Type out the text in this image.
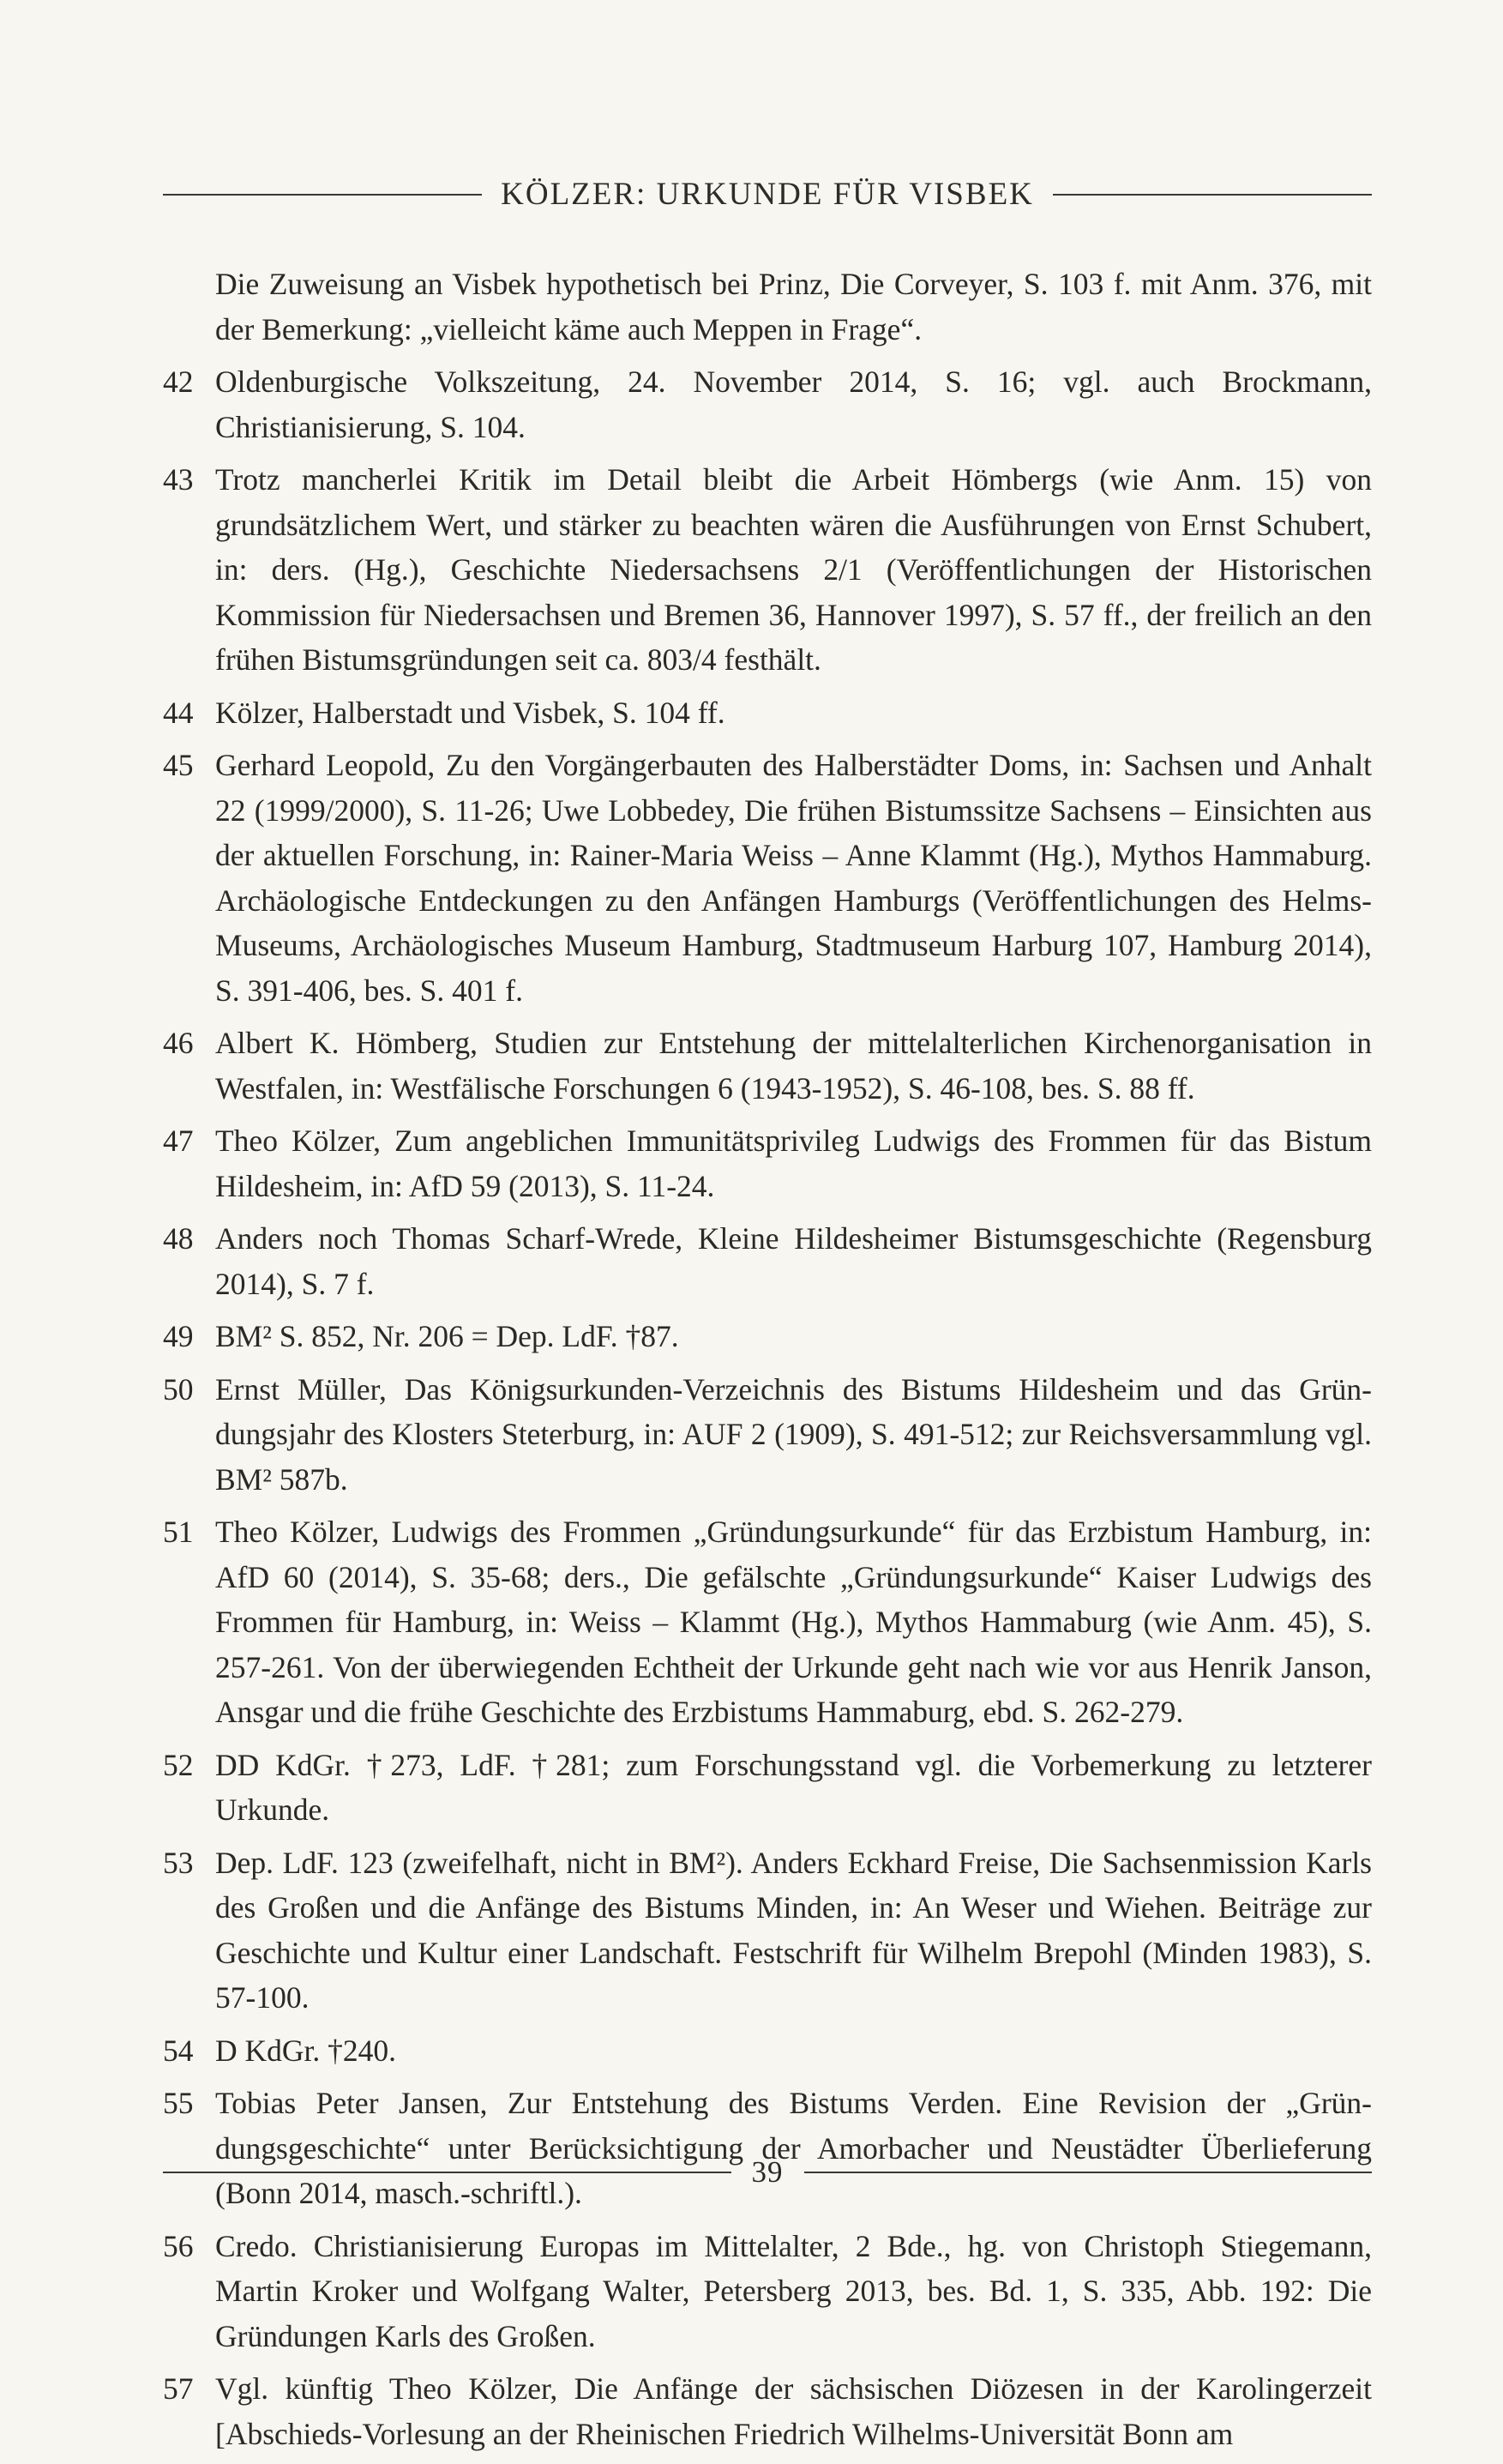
KÖLZER: URKUNDE FÜR VISBEK
Die Zuweisung an Visbek hypothetisch bei Prinz, Die Corveyer, S. 103 f. mit Anm. 376, mit der Bemerkung: „vielleicht käme auch Meppen in Frage“.
42 Oldenburgische Volkszeitung, 24. November 2014, S. 16; vgl. auch Brockmann, Christianisierung, S. 104.
43 Trotz mancherlei Kritik im Detail bleibt die Arbeit Hömbergs (wie Anm. 15) von grundsätzlichem Wert, und stärker zu beachten wären die Ausführungen von Ernst Schubert, in: ders. (Hg.), Geschichte Niedersachsens 2/1 (Veröffentlichungen der Historischen Kommission für Niedersachsen und Bremen 36, Hannover 1997), S. 57 ff., der freilich an den frühen Bistumsgründungen seit ca. 803/4 festhält.
44 Kölzer, Halberstadt und Visbek, S. 104 ff.
45 Gerhard Leopold, Zu den Vorgängerbauten des Halberstädter Doms, in: Sachsen und Anhalt 22 (1999/2000), S. 11-26; Uwe Lobbedey, Die frühen Bistumssitze Sachsens – Einsichten aus der aktuellen Forschung, in: Rainer-Maria Weiss – Anne Klammt (Hg.), Mythos Hammaburg. Archäologische Entdeckungen zu den Anfängen Hamburgs (Veröffentlichungen des Helms-Museums, Archäologisches Museum Hamburg, Stadtmuseum Harburg 107, Hamburg 2014), S. 391-406, bes. S. 401 f.
46 Albert K. Hömberg, Studien zur Entstehung der mittelalterlichen Kirchenorganisation in Westfalen, in: Westfälische Forschungen 6 (1943-1952), S. 46-108, bes. S. 88 ff.
47 Theo Kölzer, Zum angeblichen Immunitätsprivileg Ludwigs des Frommen für das Bistum Hildesheim, in: AfD 59 (2013), S. 11-24.
48 Anders noch Thomas Scharf-Wrede, Kleine Hildesheimer Bistumsgeschichte (Regensburg 2014), S. 7 f.
49 BM² S. 852, Nr. 206 = Dep. LdF. †87.
50 Ernst Müller, Das Königsurkunden-Verzeichnis des Bistums Hildesheim und das Gründungsjahr des Klosters Steterburg, in: AUF 2 (1909), S. 491-512; zur Reichsversammlung vgl. BM² 587b.
51 Theo Kölzer, Ludwigs des Frommen „Gründungsurkunde“ für das Erzbistum Hamburg, in: AfD 60 (2014), S. 35-68; ders., Die gefälschte „Gründungsurkunde“ Kaiser Ludwigs des Frommen für Hamburg, in: Weiss – Klammt (Hg.), Mythos Hammaburg (wie Anm. 45), S. 257-261. Von der überwiegenden Echtheit der Urkunde geht nach wie vor aus Henrik Janson, Ansgar und die frühe Geschichte des Erzbistums Hammaburg, ebd. S. 262-279.
52 DD KdGr. †273, LdF. †281; zum Forschungsstand vgl. die Vorbemerkung zu letzterer Urkunde.
53 Dep. LdF. 123 (zweifelhaft, nicht in BM²). Anders Eckhard Freise, Die Sachsenmission Karls des Großen und die Anfänge des Bistums Minden, in: An Weser und Wiehen. Beiträge zur Geschichte und Kultur einer Landschaft. Festschrift für Wilhelm Brepohl (Minden 1983), S. 57-100.
54 D KdGr. †240.
55 Tobias Peter Jansen, Zur Entstehung des Bistums Verden. Eine Revision der „Gründungsgeschichte“ unter Berücksichtigung der Amorbacher und Neustädter Überlieferung (Bonn 2014, masch.-schriftl.).
56 Credo. Christianisierung Europas im Mittelalter, 2 Bde., hg. von Christoph Stiegemann, Martin Kroker und Wolfgang Walter, Petersberg 2013, bes. Bd. 1, S. 335, Abb. 192: Die Gründungen Karls des Großen.
57 Vgl. künftig Theo Kölzer, Die Anfänge der sächsischen Diözesen in der Karolingerzeit [Abschieds-Vorlesung an der Rheinischen Friedrich Wilhelms-Universität Bonn am
39
